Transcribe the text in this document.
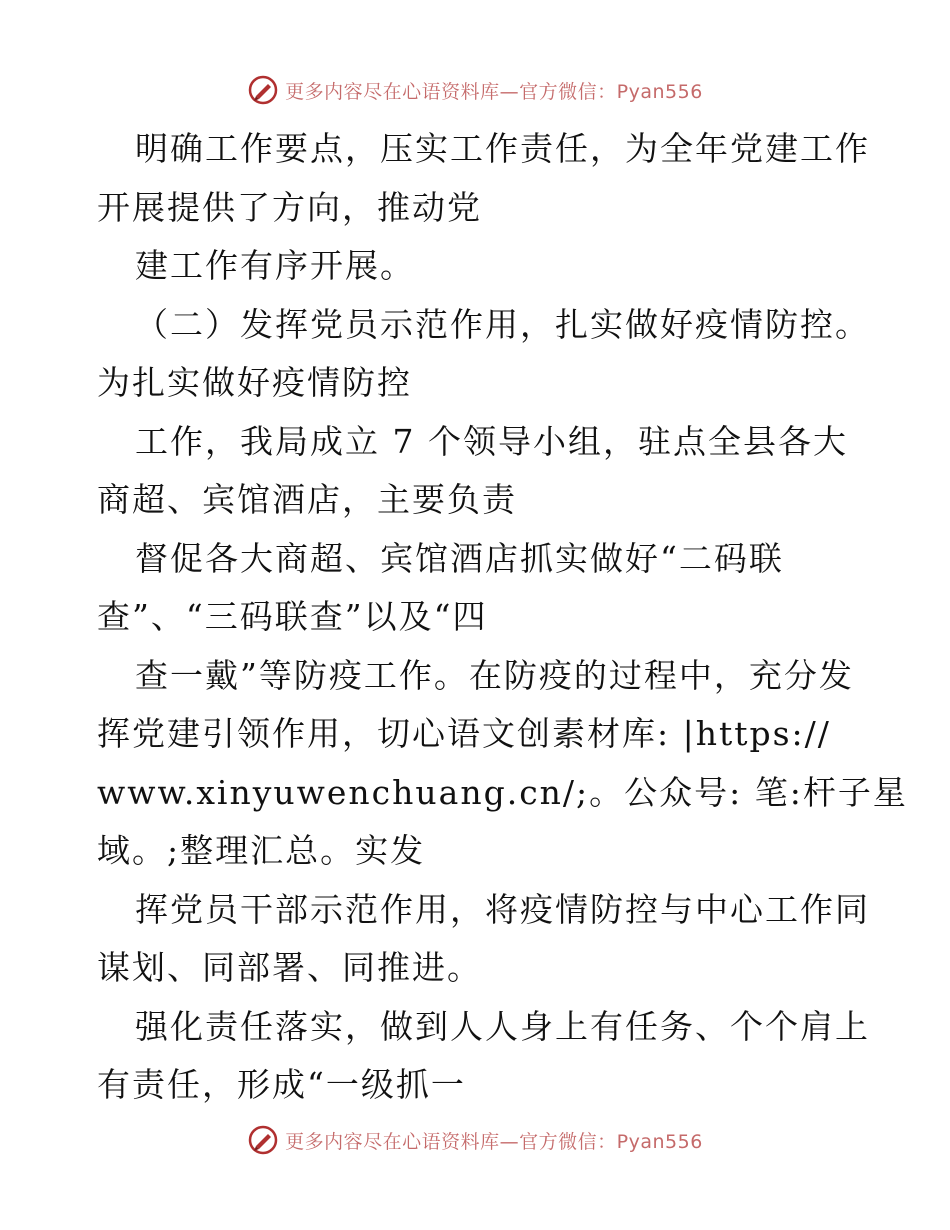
更多内容尽在心语资料库—官方微信：Pyan556
明确工作要点，压实工作责任，为全年党建工作
开展提供了方向，推动党
建工作有序开展。
（二）发挥党员示范作用，扎实做好疫情防控。
为扎实做好疫情防控
工作，我局成立 7 个领导小组，驻点全县各大
商超、宾馆酒店，主要负责
督促各大商超、宾馆酒店抓实做好“二码联
查”、“三码联查”以及“四
查一戴”等防疫工作。在防疫的过程中，充分发
挥党建引领作用，切心语文创素材库: |https://
www.xinyuwenchuang.cn/;。公众号: 笔:杆子星
域。;整理汇总。实发
挥党员干部示范作用，将疫情防控与中心工作同
谋划、同部署、同推进。
强化责任落实，做到人人身上有任务、个个肩上
有责任，形成“一级抓一
更多内容尽在心语资料库—官方微信：Pyan556
